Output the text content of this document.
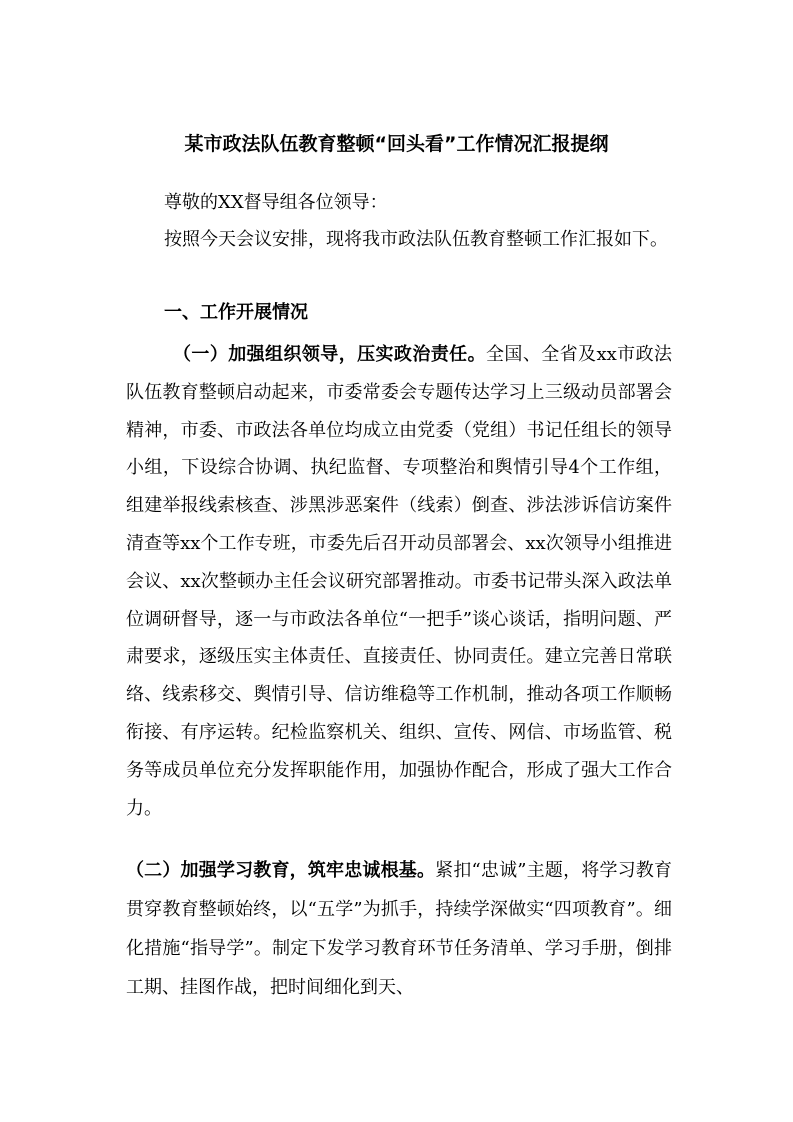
某市政法队伍教育整顿“回头看”工作情况汇报提纲
尊敬的XX督导组各位领导：
按照今天会议安排，现将我市政法队伍教育整顿工作汇报如下。
一、工作开展情况
（一）加强组织领导，压实政治责任。全国、全省及xx市政法队伍教育整顿启动起来，市委常委会专题传达学习上三级动员部署会精神，市委、市政法各单位均成立由党委（党组）书记任组长的领导小组，下设综合协调、执纪监督、专项整治和舆情引导4个工作组，组建举报线索核查、涉黑涉恶案件（线索）倒查、涉法涉诉信访案件清查等xx个工作专班，市委先后召开动员部署会、xx次领导小组推进会议、xx次整顿办主任会议研究部署推动。市委书记带头深入政法单位调研督导，逐一与市政法各单位“一把手”谈心谈话，指明问题、严肃要求，逐级压实主体责任、直接责任、协同责任。建立完善日常联络、线索移交、舆情引导、信访维稳等工作机制，推动各项工作顺畅衔接、有序运转。纪检监察机关、组织、宣传、网信、市场监管、税务等成员单位充分发挥职能作用，加强协作配合，形成了强大工作合力。
（二）加强学习教育，筑牢忠诚根基。紧扣“忠诚”主题，将学习教育贯穿教育整顿始终，以“五学”为抓手，持续学深做实“四项教育”。细化措施“指导学”。制定下发学习教育环节任务清单、学习手册，倒排工期、挂图作战，把时间细化到天、
